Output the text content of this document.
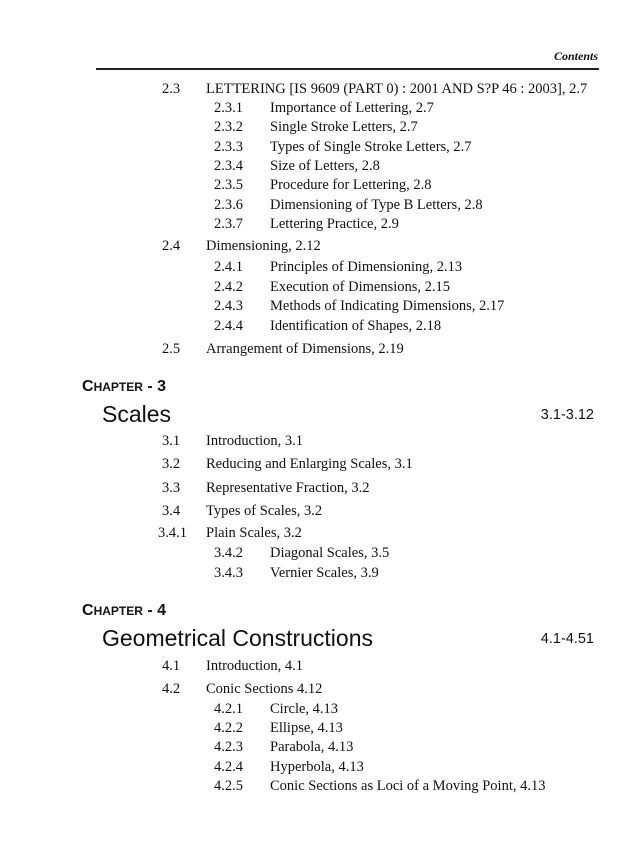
Contents
2.3 LETTERING [IS 9609 (PART 0) : 2001 AND S?P 46 : 2003], 2.7
2.3.1 Importance of Lettering, 2.7
2.3.2 Single Stroke Letters, 2.7
2.3.3 Types of Single Stroke Letters, 2.7
2.3.4 Size of Letters, 2.8
2.3.5 Procedure for Lettering, 2.8
2.3.6 Dimensioning of Type B Letters, 2.8
2.3.7 Lettering Practice, 2.9
2.4 Dimensioning, 2.12
2.4.1 Principles of Dimensioning, 2.13
2.4.2 Execution of Dimensions, 2.15
2.4.3 Methods of Indicating Dimensions, 2.17
2.4.4 Identification of Shapes, 2.18
2.5 Arrangement of Dimensions, 2.19
CHAPTER - 3
Scales	3.1-3.12
3.1 Introduction, 3.1
3.2 Reducing and Enlarging Scales, 3.1
3.3 Representative Fraction, 3.2
3.4 Types of Scales, 3.2
3.4.1 Plain Scales, 3.2
3.4.2 Diagonal Scales, 3.5
3.4.3 Vernier Scales, 3.9
CHAPTER - 4
Geometrical Constructions	4.1-4.51
4.1 Introduction, 4.1
4.2 Conic Sections 4.12
4.2.1 Circle, 4.13
4.2.2 Ellipse, 4.13
4.2.3 Parabola, 4.13
4.2.4 Hyperbola, 4.13
4.2.5 Conic Sections as Loci of a Moving Point, 4.13
